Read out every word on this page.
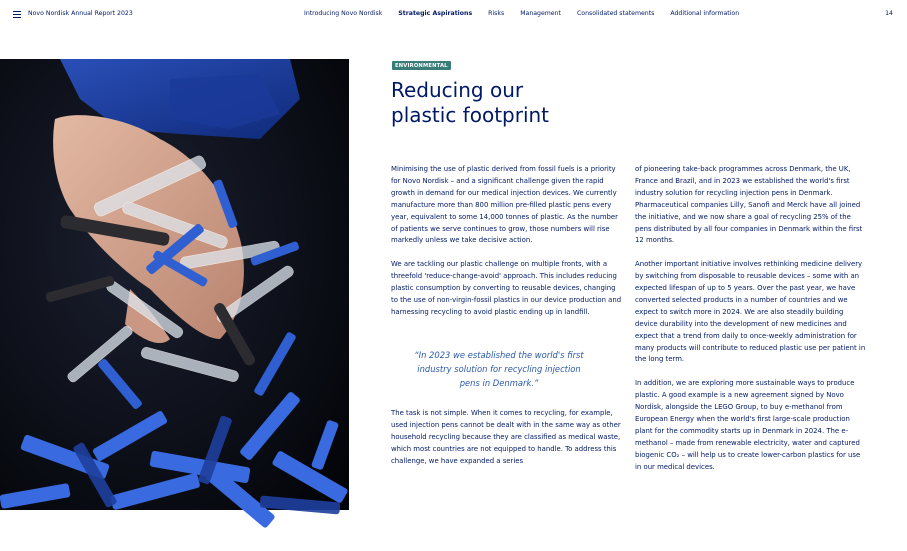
Novo Nordisk Annual Report 2023	Introducing Novo Nordisk	Strategic Aspirations	Risks	Management	Consolidated statements	Additional information	14
Injection pens' components that have been discarded from our production lines in Hillerød, Denmark.
ENVIRONMENTAL
Reducing our
plastic footprint

Minimising the use of plastic derived from fossil fuels is a priority for Novo Nordisk – and a significant challenge given the rapid growth in demand for our medical injection devices. We currently manufacture more than 800 million pre-filled plastic pens every year, equivalent to some 14,000 tonnes of plastic. As the number of patients we serve continues to grow, those numbers will rise markedly unless we take decisive action.

We are tackling our plastic challenge on multiple fronts, with a threefold 'reduce-change-avoid' approach. This includes reducing plastic consumption by converting to reusable devices, changing to the use of non-virgin-fossil plastics in our device production and harnessing recycling to avoid plastic ending up in landfill.

“In 2023 we established the world's first industry solution for recycling injection pens in Denmark.”

The task is not simple. When it comes to recycling, for example, used injection pens cannot be dealt with in the same way as other household recycling because they are classified as medical waste, which most countries are not equipped to handle. To address this challenge, we have expanded a series

of pioneering take-back programmes across Denmark, the UK, France and Brazil, and in 2023 we established the world's first industry solution for recycling injection pens in Denmark. Pharmaceutical companies Lilly, Sanofi and Merck have all joined the initiative, and we now share a goal of recycling 25% of the pens distributed by all four companies in Denmark within the first 12 months.

Another important initiative involves rethinking medicine delivery by switching from disposable to reusable devices – some with an expected lifespan of up to 5 years. Over the past year, we have converted selected products in a number of countries and we expect to switch more in 2024. We are also steadily building device durability into the development of new medicines and expect that a trend from daily to once-weekly administration for many products will contribute to reduced plastic use per patient in the long term.

In addition, we are exploring more sustainable ways to produce plastic. A good example is a new agreement signed by Novo Nordisk, alongside the LEGO Group, to buy e-methanol from European Energy when the world's first large-scale production plant for the commodity starts up in Denmark in 2024. The e-methanol – made from renewable electricity, water and captured biogenic CO₂ – will help us to create lower-carbon plastics for use in our medical devices.
